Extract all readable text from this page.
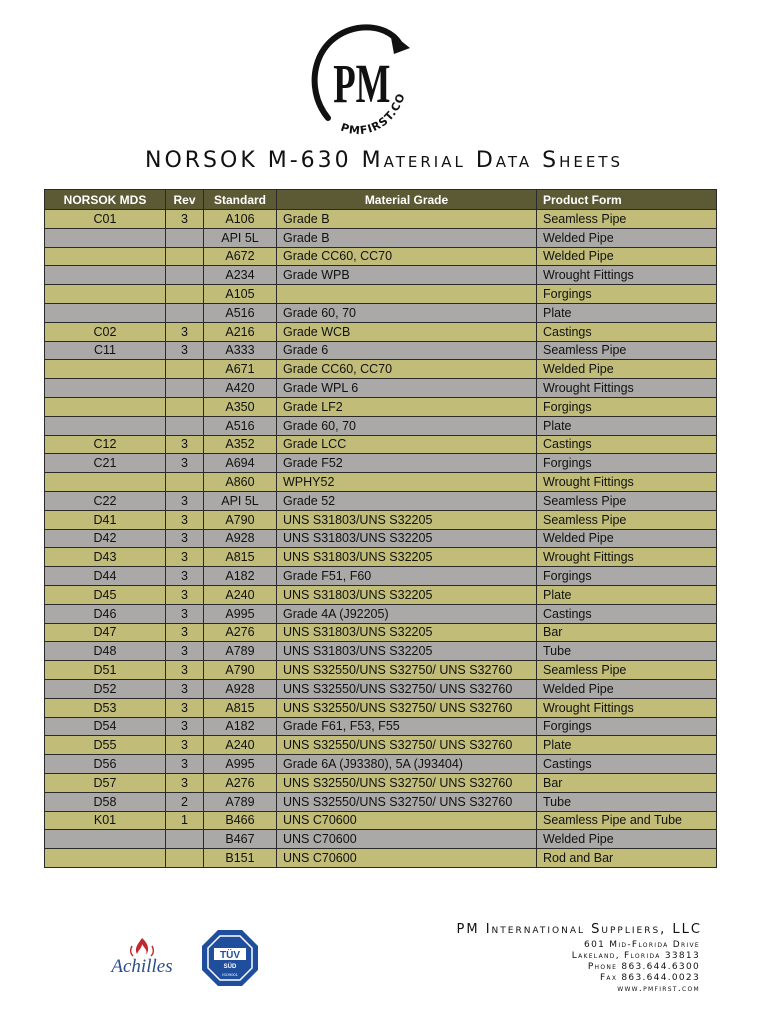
PM
PMFIRST.CO
NORSOK M-630 Material Data Sheets
NORSOK MDS	Rev	Standard	Material Grade	Product Form
C01	3	A106	Grade B	Seamless Pipe
		API 5L	Grade B	Welded Pipe
		A672	Grade CC60, CC70	Welded Pipe
		A234	Grade WPB	Wrought Fittings
		A105		Forgings
		A516	Grade 60, 70	Plate
C02	3	A216	Grade WCB	Castings
C11	3	A333	Grade 6	Seamless Pipe
		A671	Grade CC60, CC70	Welded Pipe
		A420	Grade WPL 6	Wrought Fittings
		A350	Grade LF2	Forgings
		A516	Grade 60, 70	Plate
C12	3	A352	Grade LCC	Castings
C21	3	A694	Grade F52	Forgings
		A860	WPHY52	Wrought Fittings
C22	3	API 5L	Grade 52	Seamless Pipe
D41	3	A790	UNS S31803/UNS S32205	Seamless Pipe
D42	3	A928	UNS S31803/UNS S32205	Welded Pipe
D43	3	A815	UNS S31803/UNS S32205	Wrought Fittings
D44	3	A182	Grade F51, F60	Forgings
D45	3	A240	UNS S31803/UNS S32205	Plate
D46	3	A995	Grade 4A (J92205)	Castings
D47	3	A276	UNS S31803/UNS S32205	Bar
D48	3	A789	UNS S31803/UNS S32205	Tube
D51	3	A790	UNS S32550/UNS S32750/ UNS S32760	Seamless Pipe
D52	3	A928	UNS S32550/UNS S32750/ UNS S32760	Welded Pipe
D53	3	A815	UNS S32550/UNS S32750/ UNS S32760	Wrought Fittings
D54	3	A182	Grade F61, F53, F55	Forgings
D55	3	A240	UNS S32550/UNS S32750/ UNS S32760	Plate
D56	3	A995	Grade 6A (J93380), 5A (J93404)	Castings
D57	3	A276	UNS S32550/UNS S32750/ UNS S32760	Bar
D58	2	A789	UNS S32550/UNS S32750/ UNS S32760	Tube
K01	1	B466	UNS C70600	Seamless Pipe and Tube
		B467	UNS C70600	Welded Pipe
		B151	UNS C70600	Rod and Bar
Achilles
TÜV
SÜD
ISO9001
PM International Suppliers, LLC
601 Mid-Florida Drive
Lakeland, Florida 33813
Phone 863.644.6300
Fax 863.644.0023
www.pmfirst.com
